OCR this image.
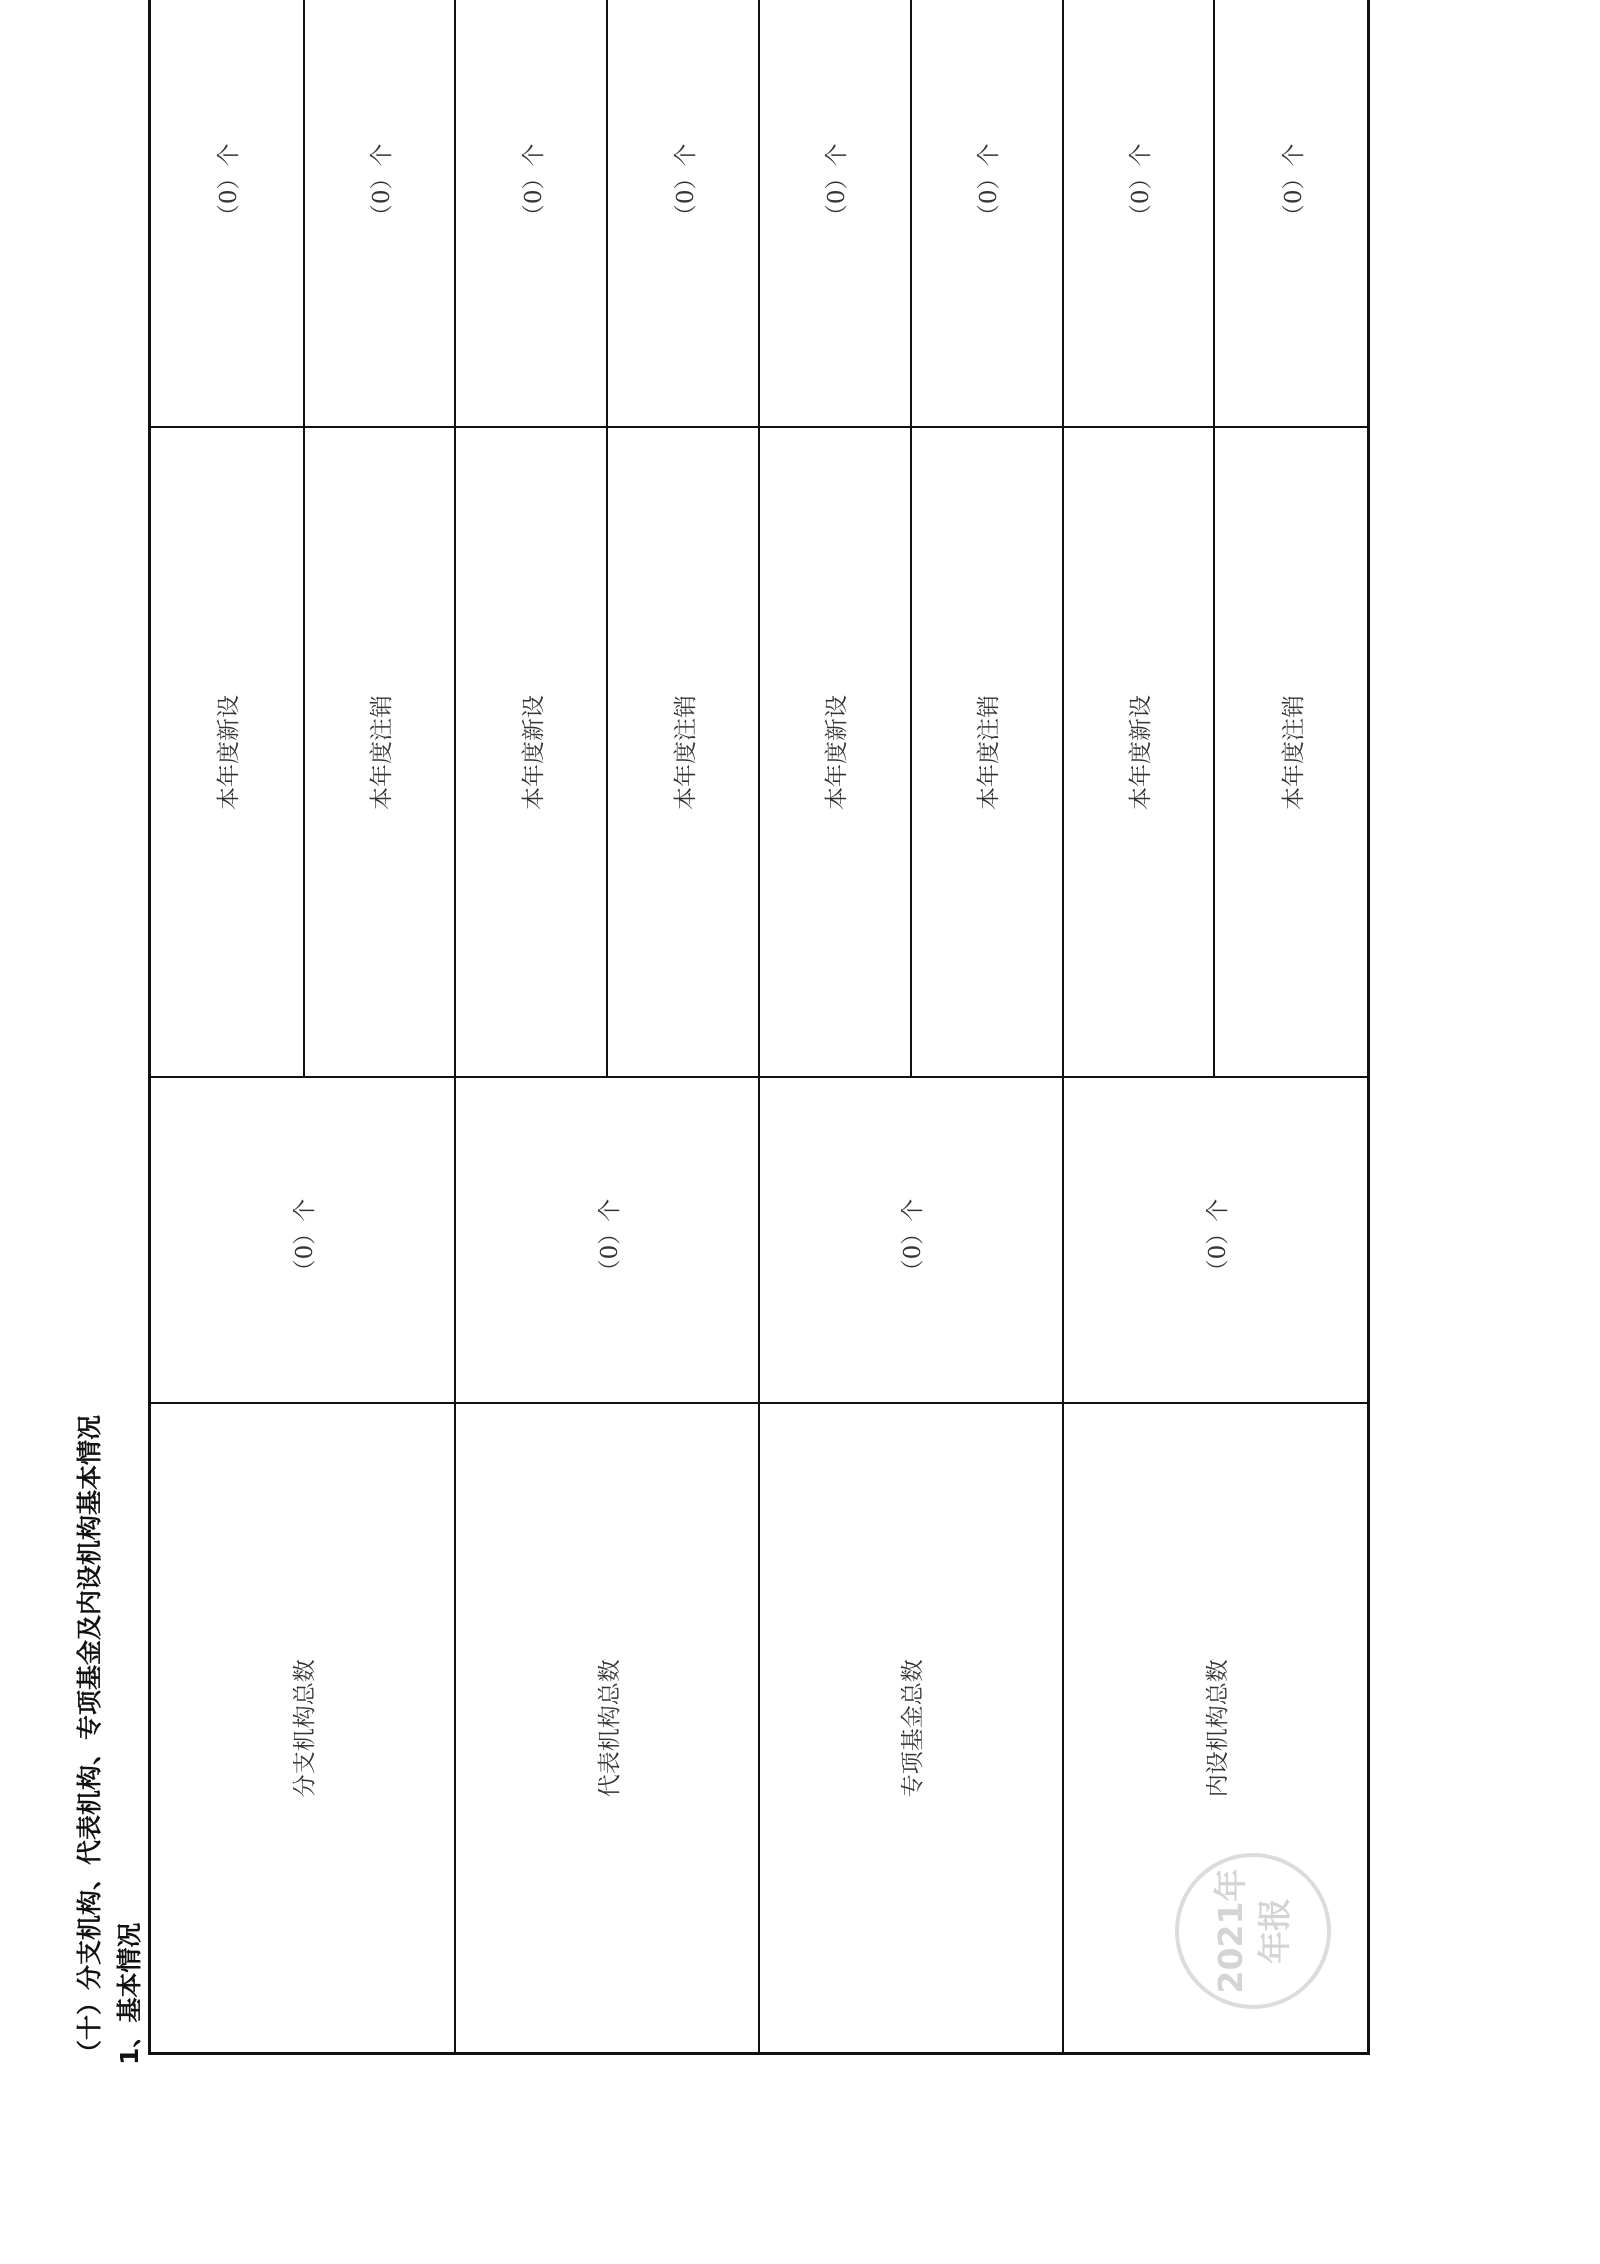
（十）分支机构、代表机构、专项基金及内设机构基本情况 1、基本情况
分支机构总数	（0）个	本年度新设	（0）个
		本年度注销	（0）个
代表机构总数	（0）个	本年度新设	（0）个
		本年度注销	（0）个
专项基金总数	（0）个	本年度新设	（0）个
		本年度注销	（0）个
内设机构总数	（0）个	本年度新设	（0）个
		本年度注销	（0）个
2021年 年报
